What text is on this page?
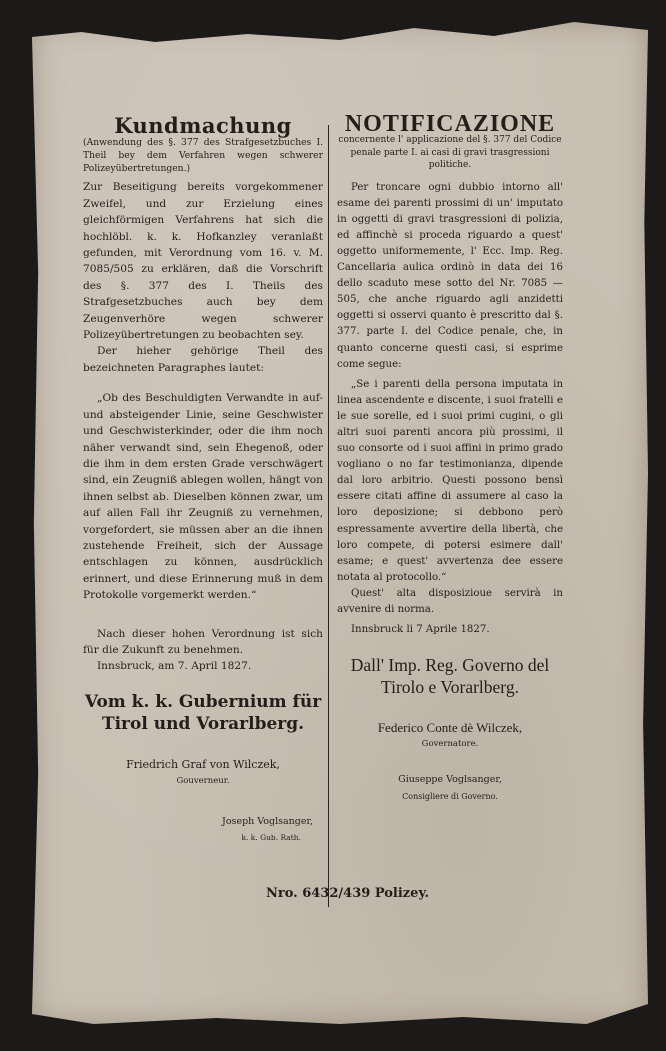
Kundmachung

(Anwendung des §. 377 des Strafgesetzbuches I. Theil bey dem Verfahren wegen schwerer Polizeyübertretungen.)

Zur Beseitigung bereits vorgekommener Zweifel, und zur Erzielung eines gleichförmigen Verfahrens hat sich die hochlöbl. k. k. Hofkanzley veranlaßt gefunden, mit Verordnung vom 16. v. M. 7085/505 zu erklären, daß die Vorschrift des §. 377 des I. Theils des Strafgesetzbuches auch bey dem Zeugenverhöre wegen schwerer Polizeyübertretungen zu beobachten sey.

Der hieher gehörige Theil des bezeichneten Paragraphes lautet:

„Ob des Beschuldigten Verwandte in auf- und absteigender Linie, seine Geschwister und Geschwisterkinder, oder die ihm noch näher verwandt sind, sein Ehegenoß, oder die ihm in dem ersten Grade verschwägert sind, ein Zeugniß ablegen wollen, hängt von ihnen selbst ab. Dieselben können zwar, um auf allen Fall ihr Zeugniß zu vernehmen, vorgefordert, sie müssen aber an die ihnen zustehende Freiheit, sich der Aussage entschlagen zu können, ausdrücklich erinnert, und diese Erinnerung muß in dem Protokolle vorgemerkt werden.“

Nach dieser hohen Verordnung ist sich für die Zukunft zu benehmen.

Innsbruck, am 7. April 1827.

Vom k. k. Gubernium für Tirol und Vorarlberg.
Friedrich Graf von Wilczek,
Gouverneur.
Joseph Voglsanger,
k. k. Gub. Rath.
NOTIFICAZIONE

concernente l' applicazione del §. 377 del Codice penale parte I. ai casi di gravi trasgressioni politiche.

Per troncare ogni dubbio intorno all' esame dei parenti prossimi di un' imputato in oggetti di gravi trasgressioni di polizia, ed affinchè si proceda riguardo a quest' oggetto uniformemente, l' Ecc. Imp. Reg. Cancellaria aulica ordinò in data dei 16 dello scaduto mese sotto del Nr. 7085 — 505, che anche riguardo agli anzidetti oggetti si osservi quanto è prescritto dal §. 377. parte I. del Codice penale, che, in quanto concerne questi casi, si esprime come segue:

„Se i parenti della persona imputata in linea ascendente e discente, i suoi fratelli e le sue sorelle, ed i suoi primi cugini, o gli altri suoi parenti ancora più prossimi, il suo consorte od i suoi affini in primo grado vogliano o no far testimonianza, dipende dal loro arbitrio. Questi possono bensì essere citati affine di assumere al caso la loro deposizione; si debbono però espressamente avvertire della libertà, che loro compete, di potersi esimere dall' esame; e quest' avvertenza dee essere notata al protocollo.“

Quest' alta disposizioue servirà in avvenire di norma.

Innsbruck li 7 Aprile 1827.

Dall' Imp. Reg. Governo del Tirolo e Vorarlberg.
Federico Conte dè Wilczek,
Governatore.
Giuseppe Voglsanger,
Consigliere di Governo.
Nro. 6432/439 Polizey.
